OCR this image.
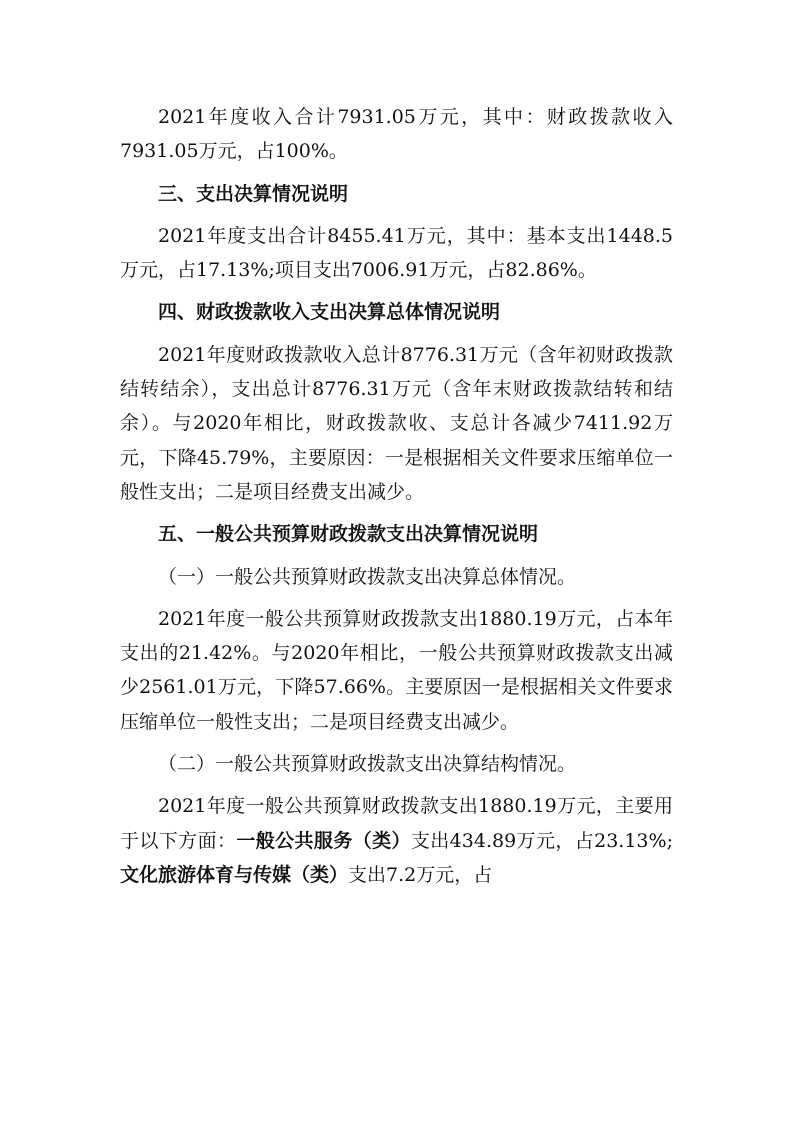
2021年度收入合计7931.05万元，其中：财政拨款收入7931.05万元，占100%。

三、支出决算情况说明

2021年度支出合计8455.41万元，其中：基本支出1448.5万元，占17.13%;项目支出7006.91万元，占82.86%。

四、财政拨款收入支出决算总体情况说明

2021年度财政拨款收入总计8776.31万元（含年初财政拨款结转结余），支出总计8776.31万元（含年末财政拨款结转和结余）。与2020年相比，财政拨款收、支总计各减少7411.92万元，下降45.79%，主要原因：一是根据相关文件要求压缩单位一般性支出；二是项目经费支出减少。

五、一般公共预算财政拨款支出决算情况说明

（一）一般公共预算财政拨款支出决算总体情况。

2021年度一般公共预算财政拨款支出1880.19万元，占本年支出的21.42%。与2020年相比，一般公共预算财政拨款支出减少2561.01万元，下降57.66%。主要原因一是根据相关文件要求压缩单位一般性支出；二是项目经费支出减少。

（二）一般公共预算财政拨款支出决算结构情况。

2021年度一般公共预算财政拨款支出1880.19万元，主要用于以下方面：一般公共服务（类）支出434.89万元，占23.13%;文化旅游体育与传媒（类）支出7.2万元，占
